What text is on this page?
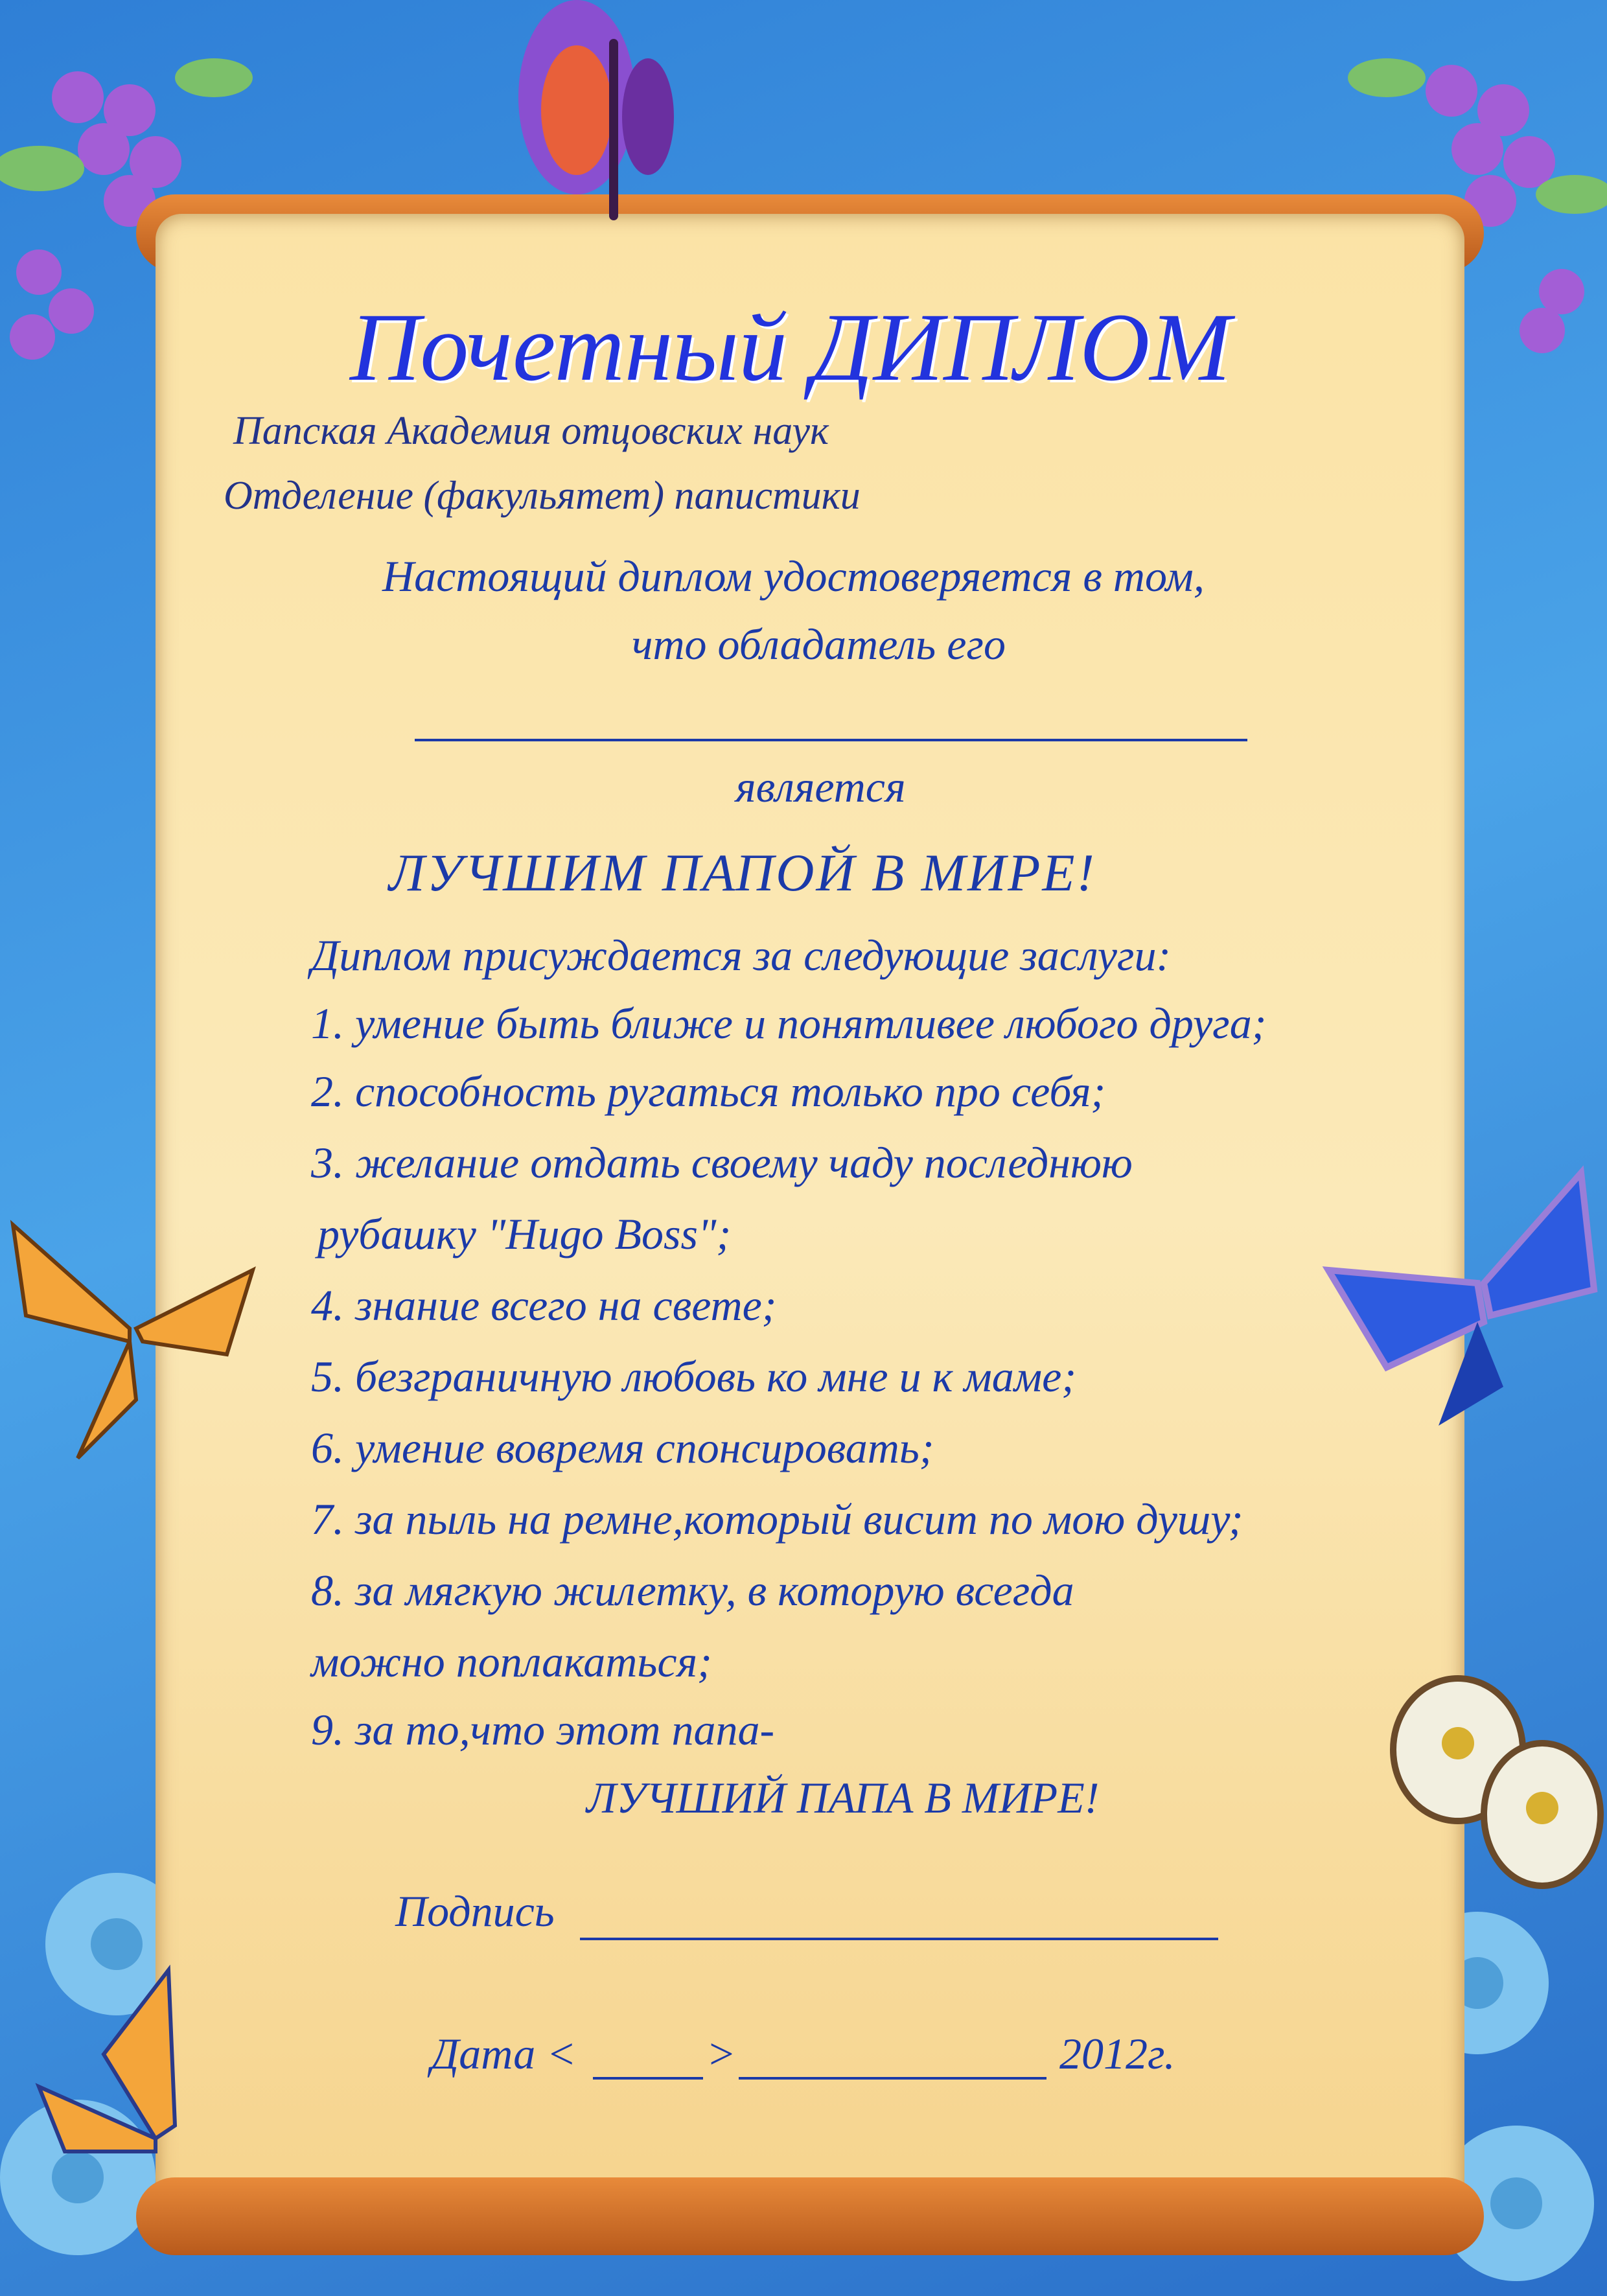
Почетный ДИПЛОМ
Папская Академия отцовских наук
Отделение (факульятет) папистики
Настоящий диплом удостоверяется в том,
что обладатель его
является
ЛУЧШИМ ПАПОЙ В МИРЕ!
Диплом присуждается за следующие заслуги:
1. умение быть ближе и понятливее любого друга;
2. способность ругаться только про себя;
3. желание отдать своему чаду последнюю
рубашку "Hugo Boss";
4. знание всего на свете;
5. безграничную любовь ко мне и к маме;
6. умение вовремя спонсировать;
7. за пыль на ремне,который висит по мою душу;
8. за мягкую жилетку, в которую всегда
можно поплакаться;
9. за то,что этот папа-
ЛУЧШИЙ ПАПА В МИРЕ!
Подпись
Дата <	>	2012г.
